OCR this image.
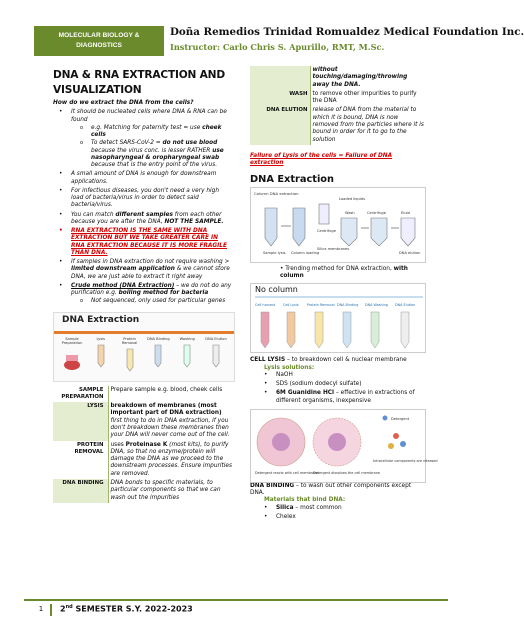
MOLECULAR BIOLOGY &
DIAGNOSTICS
Doña Remedios Trinidad Romualdez Medical Foundation Inc.
Instructor: Carlo Chris S. Apurillo, RMT, M.Sc.
DNA & RNA EXTRACTION AND
VISUALIZATION
How do we extract the DNA from the cells?
• It should be nucleated cells where DNA & RNA can be found
o e.g. Matching for paternity test = use cheek cells
o To detect SARS-CoV-2 = do not use blood because the virus conc. is lesser RATHER use nasopharyngeal & oropharyngeal swab because that is the entry point of the virus.
• A small amount of DNA is enough for downstream applications.
• For infectious diseases, you don't need a very high load of bacteria/virus in order to detect said bacteria/virus.
• You can match different samples from each other because you are after the DNA, NOT THE SAMPLE.
• RNA EXTRACTION IS THE SAME WITH DNA EXTRACTION BUT WE TAKE GREATER CARE IN RNA EXTRACTION BECAUSE IT IS MORE FRAGILE THAN DNA.
• If samples in DNA extraction do not require washing > limited downstream application & we cannot store DNA, we are just able to extract it right away
• Crude method (DNA Extraction) – we do not do any purification e.g. boiling method for bacteria
o Not sequenced, only used for particular genes
DNA Extraction
Sample Preparation
Lysis	Protein Removal
DNA Binding	Washing	DNA Elution
SAMPLE PREPARATION	Prepare sample e.g. blood, cheek cells
LYSIS	breakdown of membranes (most important part of DNA extraction) first thing to do in DNA extraction, if you don't breakdown these membranes then your DNA will never come out of the cell.
PROTEIN REMOVAL	uses Proteinase K (most kits), to purify DNA, so that no enzyme/protein will damage the DNA as we proceed to the downstream processes. Ensure impurities are removed.
DNA BINDING	DNA bonds to specific materials, to particular components so that we can wash out the impurities
	without touching/damaging/throwing away the DNA.
WASH	to remove other impurities to purify the DNA
DNA ELUTION	release of DNA from the material to which it is bound, DNA is now removed from the particles where it is bound in order for it to go to the solution
Failure of Lysis of the cells = Failure of DNA extraction
DNA Extraction
Column DNA extraction
Sample lysis Column loading
Centrifuge
Silica membranes
Centrifuge
DNA elution
Loaded liquids
Wash	Elute
• Trending method for DNA extraction, with column
No column
Cell harvest Cell Lysis	Protein Removal DNA Binding DNA Washing DNA Elution
CELL LYSIS – to breakdown cell & nuclear membrane
Lysis solutions:
• NaOH
• SDS (sodium dodecyl sulfate)
• 6M Guanidine HCl – effective in extractions of different organisms, inexpensive
Detergent
Detergent reacts with cell membrane
Detergent dissolves the cell membrane
Intracellular components are released
DNA BINDING – to wash out other components except DNA.
Materials that bind DNA:
• Silica – most common
• Chelex
1	2nd SEMESTER S.Y. 2022-2023
